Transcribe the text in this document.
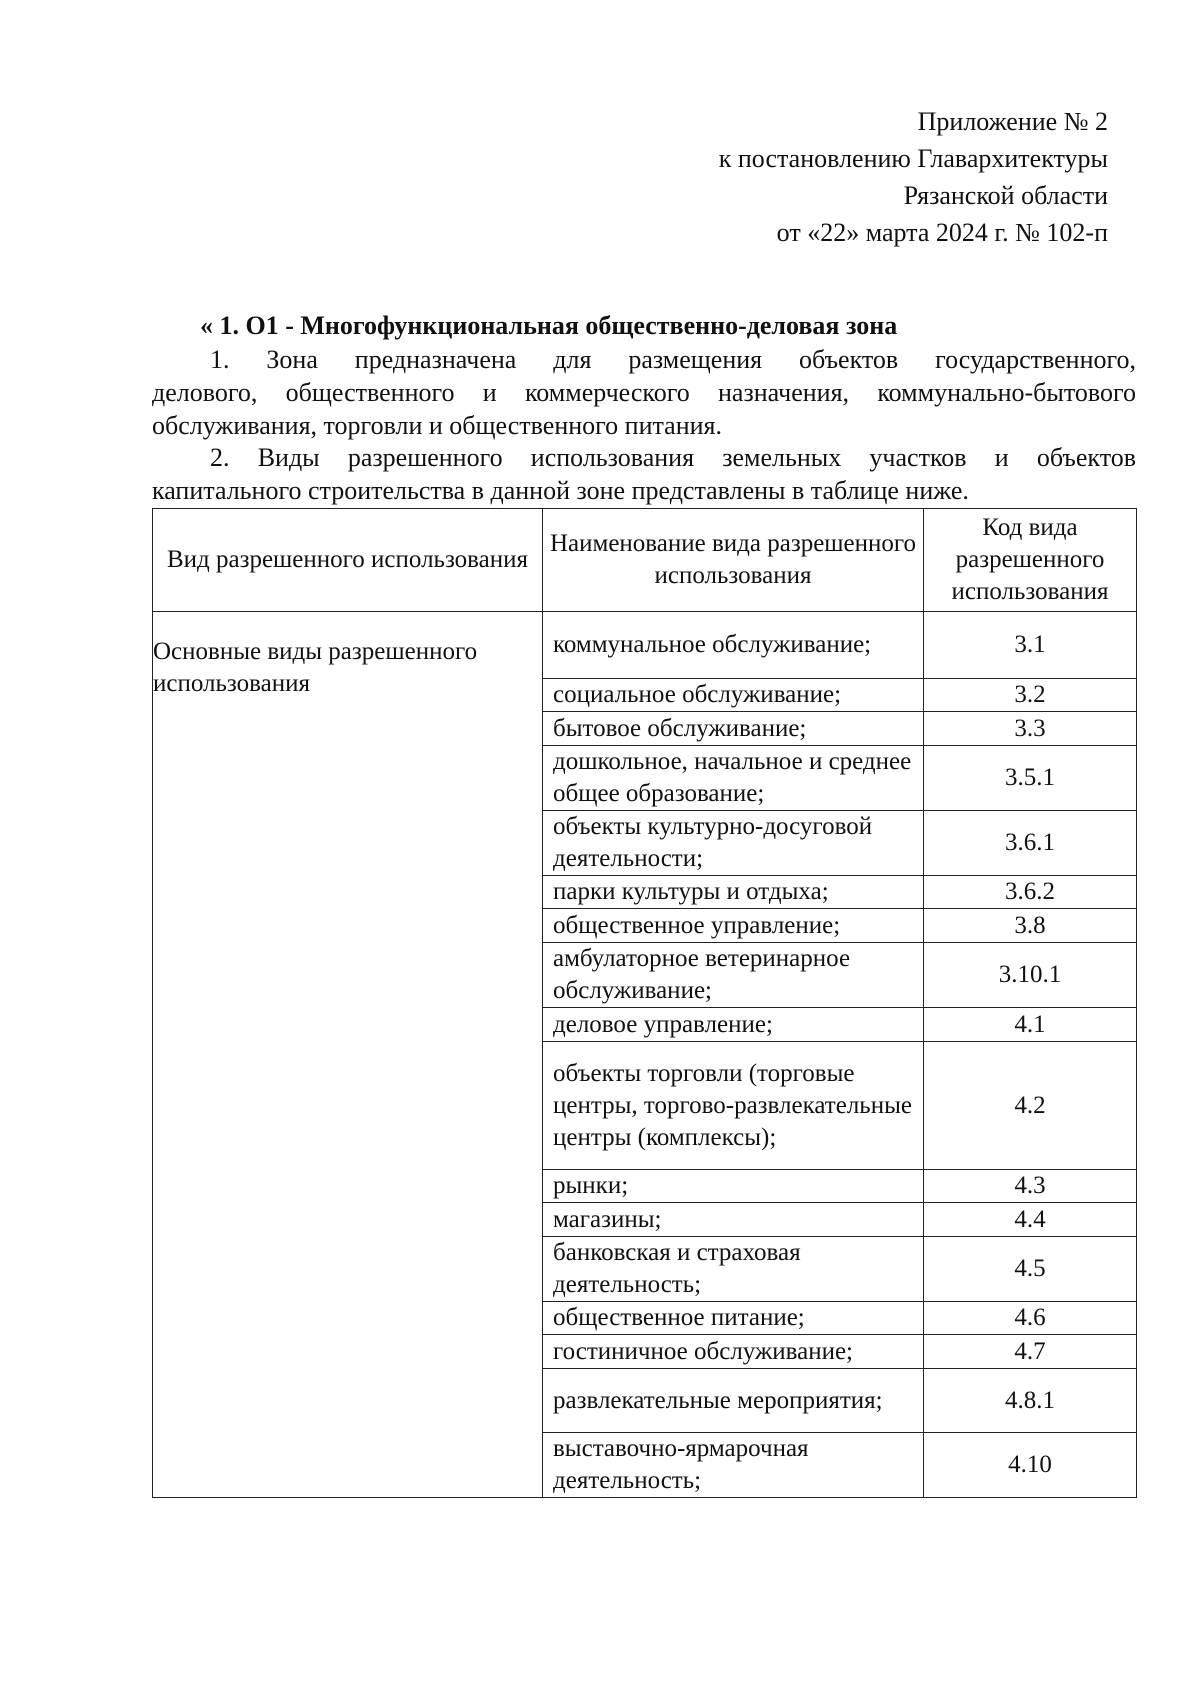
Приложение № 2
к постановлению Главархитектуры
Рязанской области
от «22» марта 2024 г. № 102-п
« 1. О1 - Многофункциональная общественно-деловая зона
1. Зона предназначена для размещения объектов государственного,
делового, общественного и коммерческого назначения, коммунально-бытового
обслуживания, торговли и общественного питания.
2. Виды разрешенного использования земельных участков и объектов
капитального строительства в данной зоне представлены в таблице ниже.
Вид разрешенного использования	Наименование вида разрешенного использования	Код вида разрешенного использования
Основные виды разрешенного использования	коммунальное обслуживание;	3.1
	социальное обслуживание;	3.2
	бытовое обслуживание;	3.3
	дошкольное, начальное и среднее общее образование;	3.5.1
	объекты культурно-досуговой деятельности;	3.6.1
	парки культуры и отдыха;	3.6.2
	общественное управление;	3.8
	амбулаторное ветеринарное обслуживание;	3.10.1
	деловое управление;	4.1
	объекты торговли (торговые центры, торгово-развлекательные центры (комплексы);	4.2
	рынки;	4.3
	магазины;	4.4
	банковская и страховая деятельность;	4.5
	общественное питание;	4.6
	гостиничное обслуживание;	4.7
	развлекательные мероприятия;	4.8.1
	выставочно-ярмарочная деятельность;	4.10
